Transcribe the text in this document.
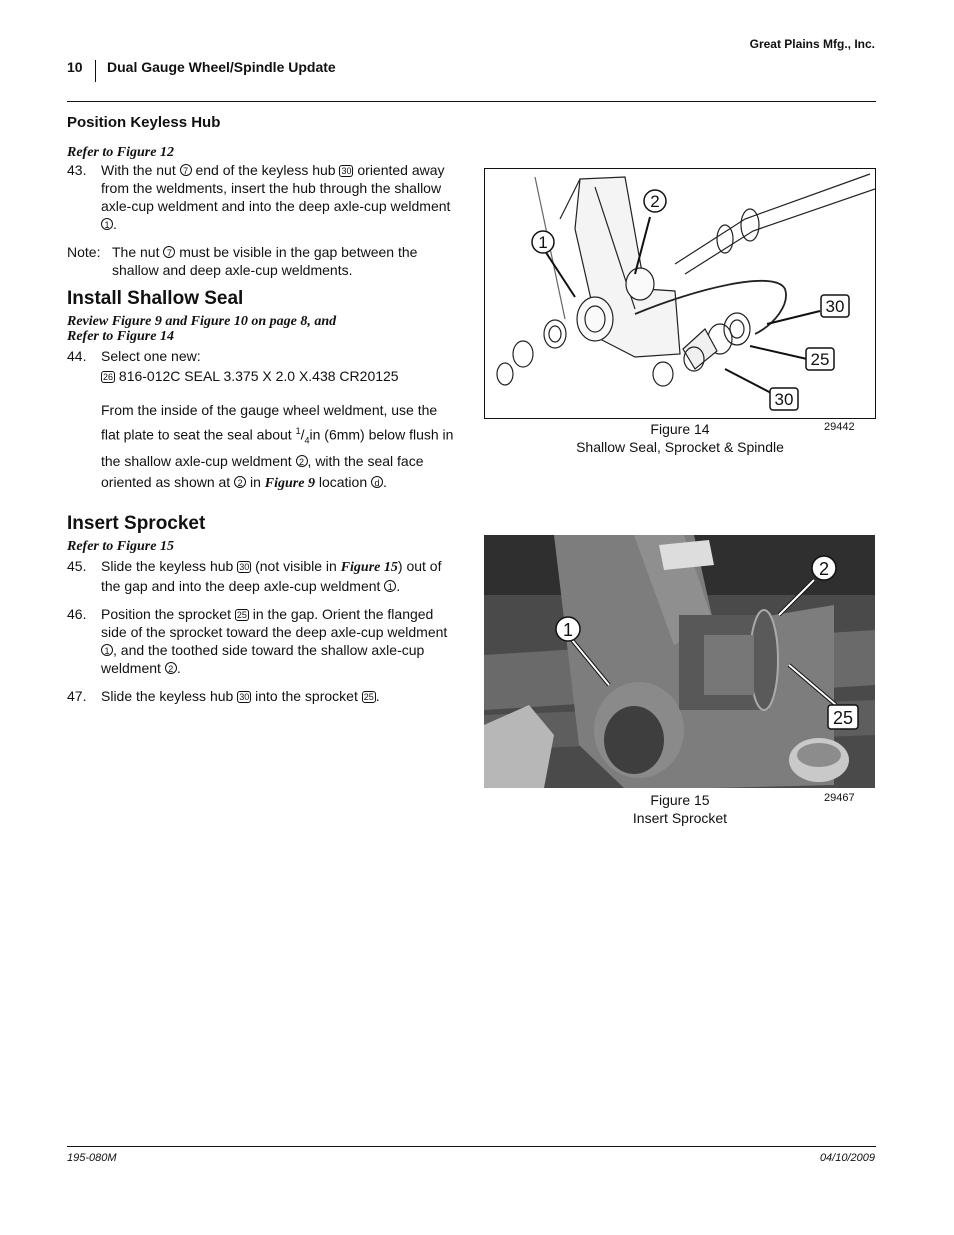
Great Plains Mfg., Inc.
10 Dual Gauge Wheel/Spindle Update
Position Keyless Hub
Refer to Figure 12
43.	With the nut 7 end of the keyless hub 30 oriented away from the weldments, insert the hub through the shallow axle-cup weldment and into the deep axle-cup weldment 1 .
Note: The nut 7 must be visible in the gap between the shallow and deep axle-cup weldments.
Install Shallow Seal
Review Figure 9 and Figure 10 on page 8, and
Refer to Figure 14
44.	Select one new:
26 816-012C SEAL 3.375 X 2.0 X.438 CR20125
From the inside of the gauge wheel weldment, use the flat plate to seat the seal about $^1/_4in$ (6mm) below flush in the shallow axle-cup weldment 2 , with the seal face oriented as shown at 2 in Figure 9 location d .
Insert Sprocket
Refer to Figure 15
45.	Slide the keyless hub 30 (not visible in Figure 15) out of the gap and into the deep axle-cup weldment 1 .
46.	Position the sprocket 25 in the gap. Orient the flanged side of the sprocket toward the deep axle-cup weldment 1 , and the toothed side toward the shallow axle-cup weldment 2 .
47.	Slide the keyless hub 30 into the sprocket 25 .
1
2
30
25
30
Figure 14
Shallow Seal, Sprocket & Spindle
29442
2
1
25
Figure 15
Insert Sprocket
29467
195-080M	04/10/2009
